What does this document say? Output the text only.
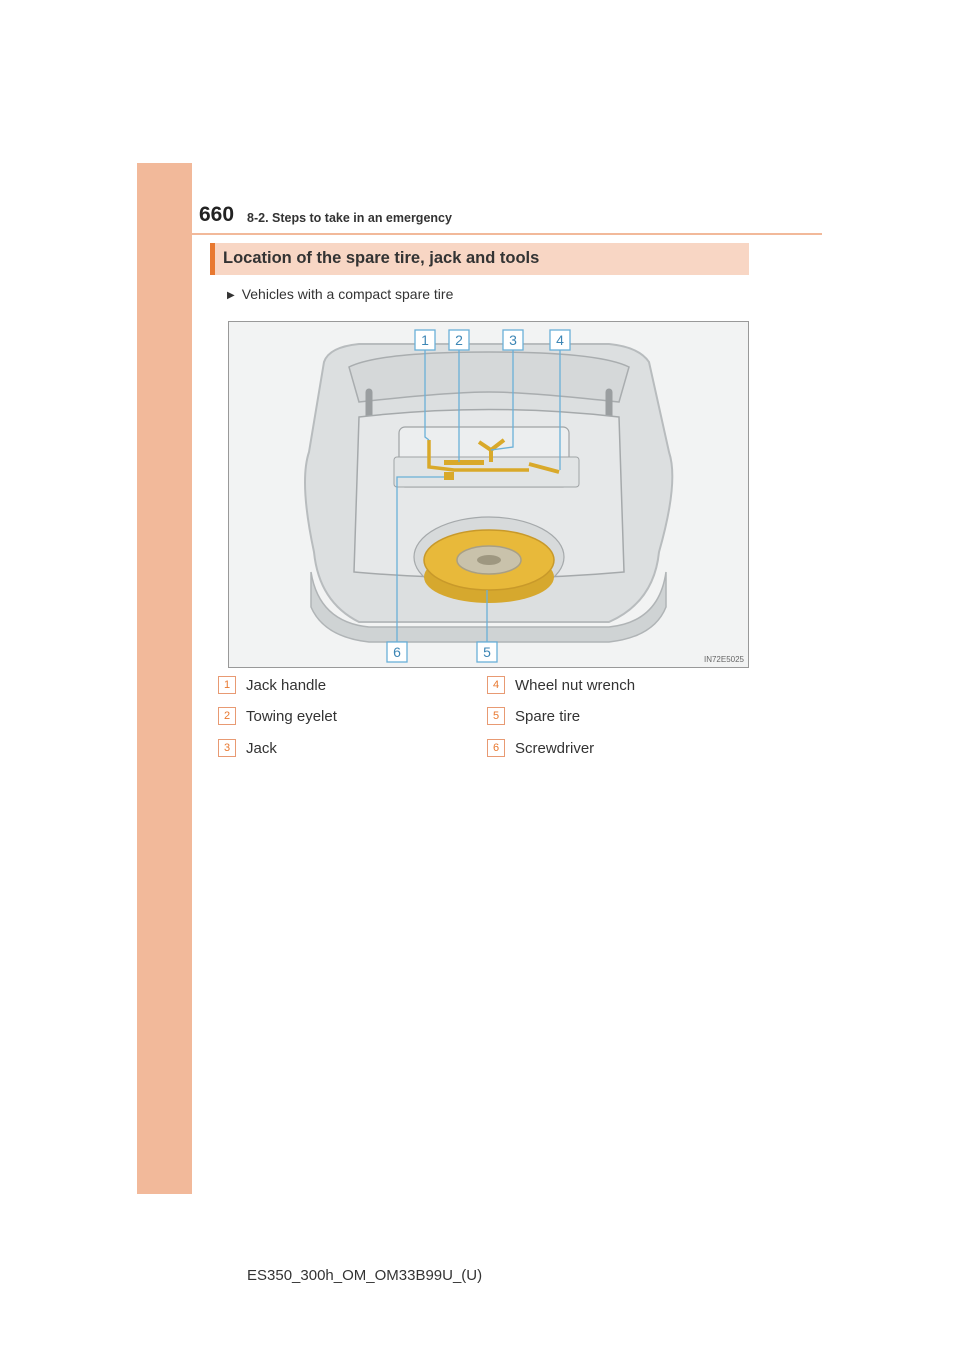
660 8-2. Steps to take in an emergency
Location of the spare tire, jack and tools
▶ Vehicles with a compact spare tire
1 2	3	4
5
6	IN72E5025
1	Jack handle
2	Towing eyelet
3	Jack
4	Wheel nut wrench
5	Spare tire
6	Screwdriver
ES350_300h_OM_OM33B99U_(U)
